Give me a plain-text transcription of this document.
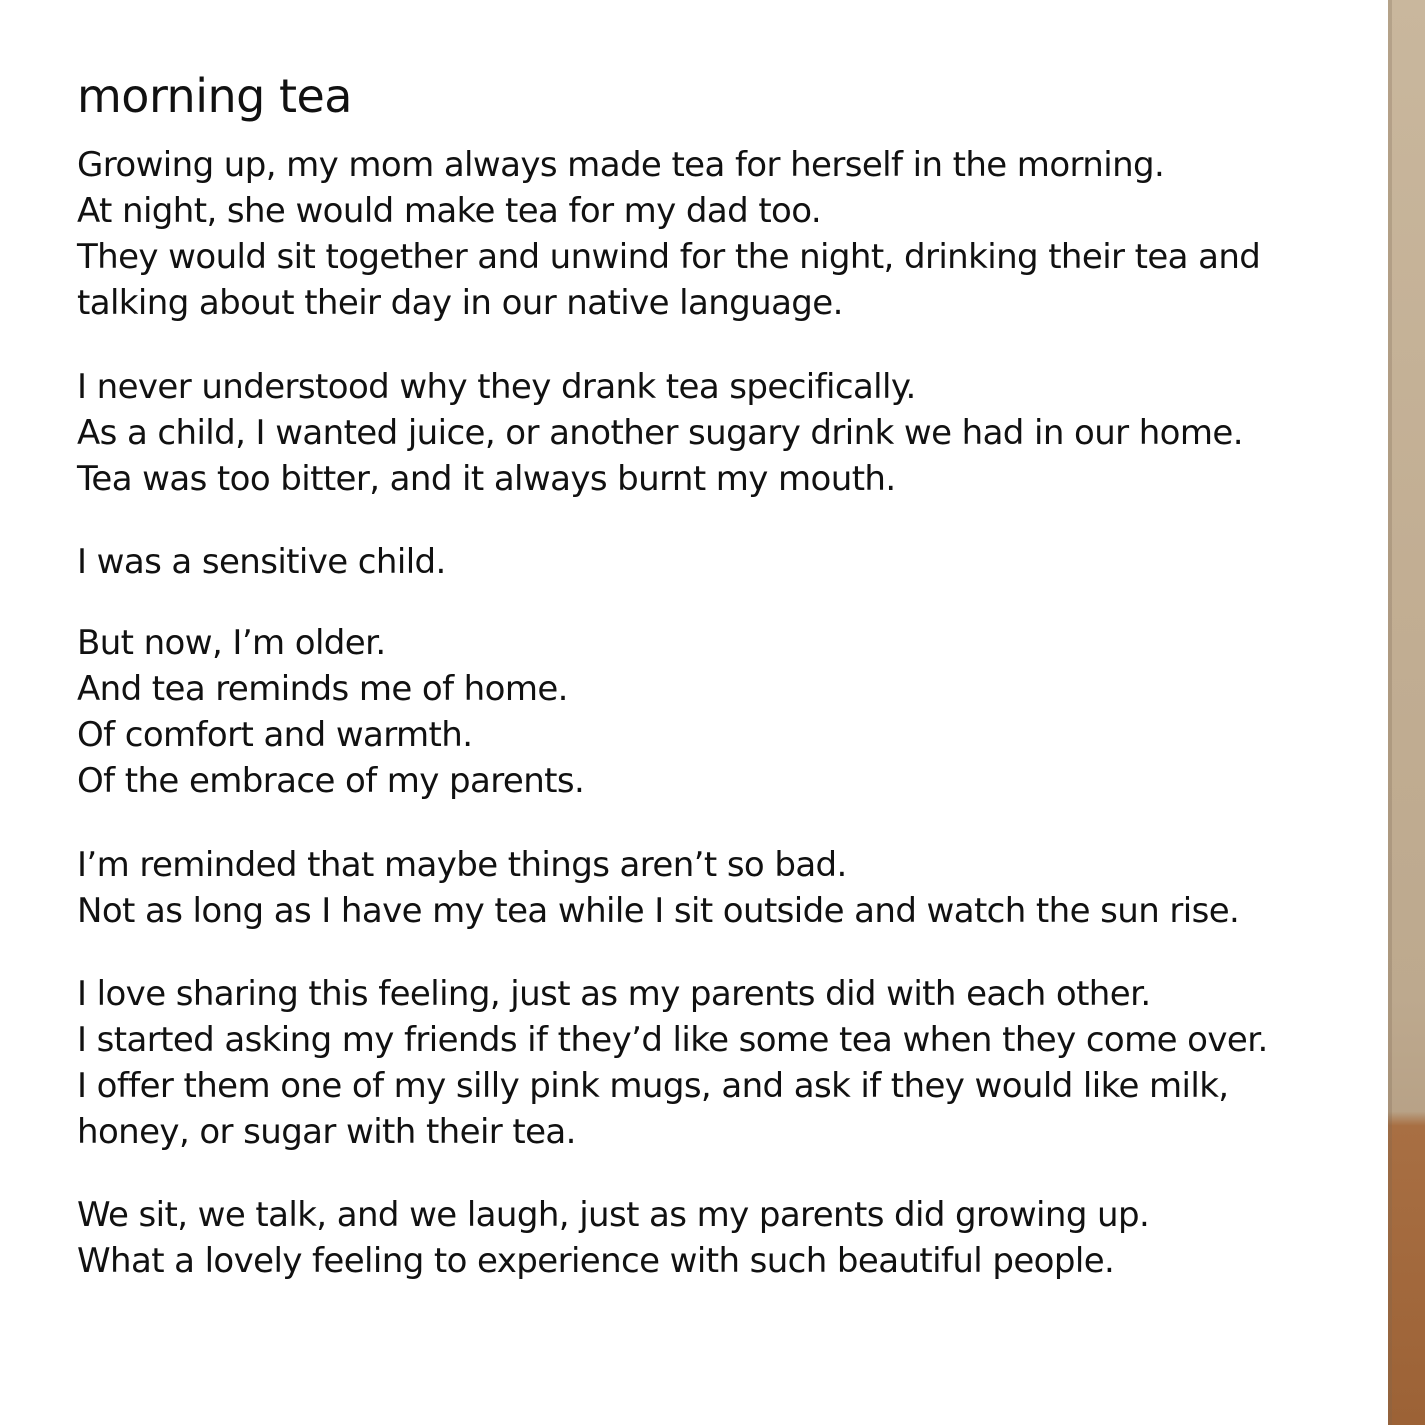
morning tea

Growing up, my mom always made tea for herself in the morning.
At night, she would make tea for my dad too.
They would sit together and unwind for the night, drinking their tea and
talking about their day in our native language.

I never understood why they drank tea specifically.
As a child, I wanted juice, or another sugary drink we had in our home.
Tea was too bitter, and it always burnt my mouth.

I was a sensitive child.

But now, I’m older.
And tea reminds me of home.
Of comfort and warmth.
Of the embrace of my parents.

I’m reminded that maybe things aren’t so bad.
Not as long as I have my tea while I sit outside and watch the sun rise.

I love sharing this feeling, just as my parents did with each other.
I started asking my friends if they’d like some tea when they come over.
I offer them one of my silly pink mugs, and ask if they would like milk,
honey, or sugar with their tea.

We sit, we talk, and we laugh, just as my parents did growing up.
What a lovely feeling to experience with such beautiful people.
